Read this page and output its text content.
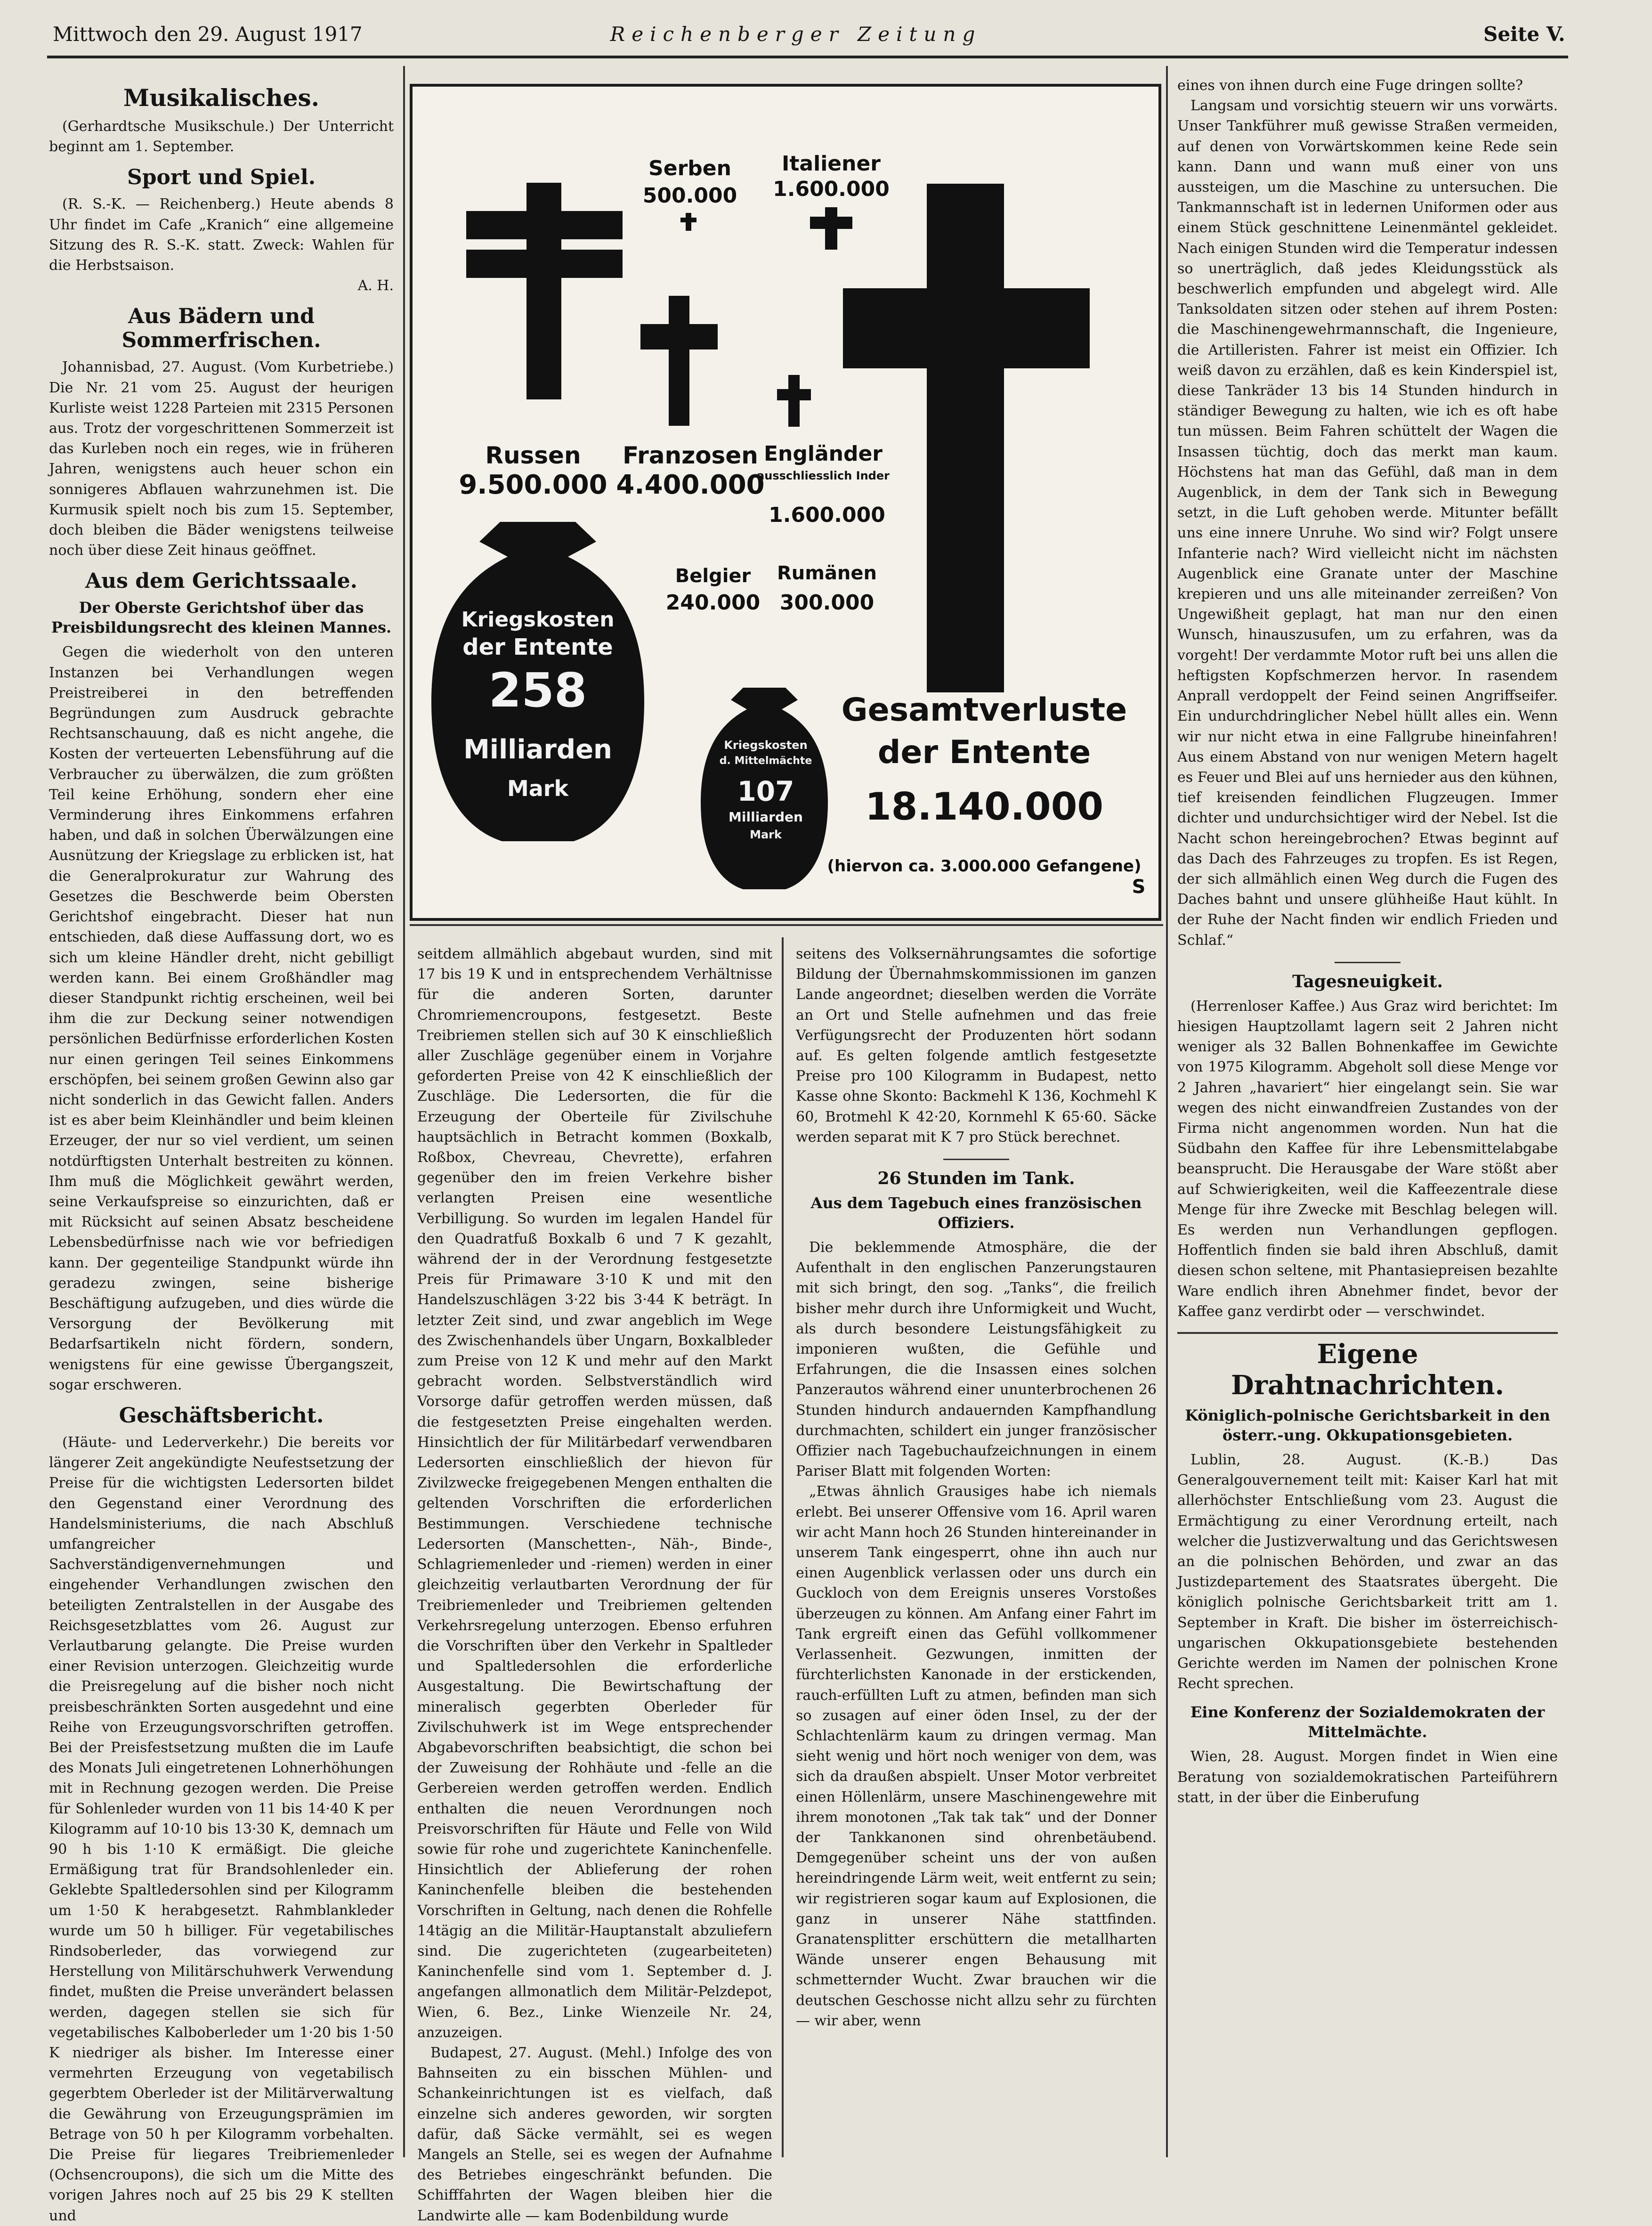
Mittwoch den 29. August 1917	Reichenberger Zeitung	Seite V.
Musikalisches.

(Gerhardtsche Musikschule.) Der Unterricht beginnt am 1. September.

Sport und Spiel.

(R. S.-K. — Reichenberg.) Heute abends 8 Uhr findet im Cafe „Kranich“ eine allgemeine Sitzung des R. S.-K. statt. Zweck: Wahlen für die Herbstsaison.

A. H.

Aus Bädern und Sommerfrischen.

Johannisbad, 27. August. (Vom Kurbetriebe.) Die Nr. 21 vom 25. August der heurigen Kurliste weist 1228 Parteien mit 2315 Personen aus. Trotz der vorgeschrittenen Sommerzeit ist das Kurleben noch ein reges, wie in früheren Jahren, wenigstens auch heuer schon ein sonnigeres Abflauen wahrzunehmen ist. Die Kurmusik spielt noch bis zum 15. September, doch bleiben die Bäder wenigstens teilweise noch über diese Zeit hinaus geöffnet.

Aus dem Gerichtssaale.
Der Oberste Gerichtshof über das Preisbildungsrecht des kleinen Mannes.

Gegen die wiederholt von den unteren Instanzen bei Verhandlungen wegen Preistreiberei in den betreffenden Begründungen zum Ausdruck gebrachte Rechtsanschauung, daß es nicht angehe, die Kosten der verteuerten Lebensführung auf die Verbraucher zu überwälzen, die zum größten Teil keine Erhöhung, sondern eher eine Verminderung ihres Einkommens erfahren haben, und daß in solchen Überwälzungen eine Ausnützung der Kriegslage zu erblicken ist, hat die Generalprokuratur zur Wahrung des Gesetzes die Beschwerde beim Obersten Gerichtshof eingebracht. Dieser hat nun entschieden, daß diese Auffassung dort, wo es sich um kleine Händler dreht, nicht gebilligt werden kann. Bei einem Großhändler mag dieser Standpunkt richtig erscheinen, weil bei ihm die zur Deckung seiner notwendigen persönlichen Bedürfnisse erforderlichen Kosten nur einen geringen Teil seines Einkommens erschöpfen, bei seinem großen Gewinn also gar nicht sonderlich in das Gewicht fallen. Anders ist es aber beim Kleinhändler und beim kleinen Erzeuger, der nur so viel verdient, um seinen notdürftigsten Unterhalt bestreiten zu können. Ihm muß die Möglichkeit gewährt werden, seine Verkaufspreise so einzurichten, daß er mit Rücksicht auf seinen Absatz bescheidene Lebensbedürfnisse nach wie vor befriedigen kann. Der gegenteilige Standpunkt würde ihn geradezu zwingen, seine bisherige Beschäftigung aufzugeben, und dies würde die Versorgung der Bevölkerung mit Bedarfsartikeln nicht fördern, sondern, wenigstens für eine gewisse Übergangszeit, sogar erschweren.

Geschäftsbericht.

(Häute- und Lederverkehr.) Die bereits vor längerer Zeit angekündigte Neufestsetzung der Preise für die wichtigsten Ledersorten bildet den Gegenstand einer Verordnung des Handelsministeriums, die nach Abschluß umfangreicher Sachverständigenvernehmungen und eingehender Verhandlungen zwischen den beteiligten Zentralstellen in der Ausgabe des Reichsgesetzblattes vom 26. August zur Verlautbarung gelangte. Die Preise wurden einer Revision unterzogen. Gleichzeitig wurde die Preisregelung auf die bisher noch nicht preisbeschränkten Sorten ausgedehnt und eine Reihe von Erzeugungsvorschriften getroffen. Bei der Preisfestsetzung mußten die im Laufe des Monats Juli eingetretenen Lohnerhöhungen mit in Rechnung gezogen werden. Die Preise für Sohlenleder wurden von 11 bis 14·40 K per Kilogramm auf 10·10 bis 13·30 K, demnach um 90 h bis 1·10 K ermäßigt. Die gleiche Ermäßigung trat für Brandsohlenleder ein. Geklebte Spaltledersohlen sind per Kilogramm um 1·50 K herabgesetzt. Rahmblankleder wurde um 50 h billiger. Für vegetabilisches Rindsoberleder, das vorwiegend zur Herstellung von Militärschuhwerk Verwendung findet, mußten die Preise unverändert belassen werden, dagegen stellen sie sich für vegetabilisches Kalboberleder um 1·20 bis 1·50 K niedriger als bisher. Im Interesse einer vermehrten Erzeugung von vegetabilisch gegerbtem Oberleder ist der Militärverwaltung die Gewährung von Erzeugungsprämien im Betrage von 50 h per Kilogramm vorbehalten. Die Preise für liegares Treibriemenleder (Ochsencroupons), die sich um die Mitte des vorigen Jahres noch auf 25 bis 29 K stellten und

Serben
500.000
Italiener
1.600.000
Russen
9.500.000
Franzosen
4.400.000
Engländer
ausschliesslich Inder
1.600.000
Belgier
240.000
Rumänen
300.000
Kriegskosten
der Entente
258
Milliarden
Mark
Kriegskosten
d. Mittelmächte
107
Milliarden
Mark
Gesamtverluste
der Entente
18.140.000
(hiervon ca. 3.000.000 Gefangene)
S

seitdem allmählich abgebaut wurden, sind mit 17 bis 19 K und in entsprechendem Verhältnisse für die anderen Sorten, darunter Chromriemencroupons, festgesetzt. Beste Treibriemen stellen sich auf 30 K einschließlich aller Zuschläge gegenüber einem in Vorjahre geforderten Preise von 42 K einschließlich der Zuschläge. Die Ledersorten, die für die Erzeugung der Oberteile für Zivilschuhe hauptsächlich in Betracht kommen (Boxkalb, Roßbox, Chevreau, Chevrette), erfahren gegenüber den im freien Verkehre bisher verlangten Preisen eine wesentliche Verbilligung. So wurden im legalen Handel für den Quadratfuß Boxkalb 6 und 7 K gezahlt, während der in der Verordnung festgesetzte Preis für Primaware 3·10 K und mit den Handelszuschlägen 3·22 bis 3·44 K beträgt. In letzter Zeit sind, und zwar angeblich im Wege des Zwischenhandels über Ungarn, Boxkalbleder zum Preise von 12 K und mehr auf den Markt gebracht worden. Selbstverständlich wird Vorsorge dafür getroffen werden müssen, daß die festgesetzten Preise eingehalten werden. Hinsichtlich der für Militärbedarf verwendbaren Ledersorten einschließlich der hievon für Zivilzwecke freigegebenen Mengen enthalten die geltenden Vorschriften die erforderlichen Bestimmungen. Verschiedene technische Ledersorten (Manschetten-, Näh-, Binde-, Schlagriemenleder und -riemen) werden in einer gleichzeitig verlautbarten Verordnung der für Treibriemenleder und Treibriemen geltenden Verkehrsregelung unterzogen. Ebenso erfuhren die Vorschriften über den Verkehr in Spaltleder und Spaltledersohlen die erforderliche Ausgestaltung. Die Bewirtschaftung der mineralisch gegerbten Oberleder für Zivilschuhwerk ist im Wege entsprechender Abgabevorschriften beabsichtigt, die schon bei der Zuweisung der Rohhäute und -felle an die Gerbereien werden getroffen werden. Endlich enthalten die neuen Verordnungen noch Preisvorschriften für Häute und Felle von Wild sowie für rohe und zugerichtete Kaninchenfelle. Hinsichtlich der Ablieferung der rohen Kaninchenfelle bleiben die bestehenden Vorschriften in Geltung, nach denen die Rohfelle 14tägig an die Militär-Hauptanstalt abzuliefern sind. Die zugerichteten (zugearbeiteten) Kaninchenfelle sind vom 1. September d. J. angefangen allmonatlich dem Militär-Pelzdepot, Wien, 6. Bez., Linke Wienzeile Nr. 24, anzuzeigen.

Budapest, 27. August. (Mehl.) Infolge des von Bahnseiten zu ein bisschen Mühlen- und Schankeinrichtungen ist es vielfach, daß einzelne sich anderes geworden, wir sorgten dafür, daß Säcke vermählt, sei es wegen Mangels an Stelle, sei es wegen der Aufnahme des Betriebes eingeschränkt befunden. Die Schifffahrten der Wagen bleiben hier die Landwirte alle — kam Bodenbildung wurde

seitens des Volksernährungsamtes die sofortige Bildung der Übernahmskommissionen im ganzen Lande angeordnet; dieselben werden die Vorräte an Ort und Stelle aufnehmen und das freie Verfügungsrecht der Produzenten hört sodann auf. Es gelten folgende amtlich festgesetzte Preise pro 100 Kilogramm in Budapest, netto Kasse ohne Skonto: Backmehl K 136, Kochmehl K 60, Brotmehl K 42·20, Kornmehl K 65·60. Säcke werden separat mit K 7 pro Stück berechnet.

26 Stunden im Tank.
Aus dem Tagebuch eines französischen Offiziers.

Die beklemmende Atmosphäre, die der Aufenthalt in den englischen Panzerungstauren mit sich bringt, den sog. „Tanks“, die freilich bisher mehr durch ihre Unformigkeit und Wucht, als durch besondere Leistungsfähigkeit zu imponieren wußten, die Gefühle und Erfahrungen, die die Insassen eines solchen Panzerautos während einer ununterbrochenen 26 Stunden hindurch andauernden Kampfhandlung durchmachten, schildert ein junger französischer Offizier nach Tagebuchaufzeichnungen in einem Pariser Blatt mit folgenden Worten:

„Etwas ähnlich Grausiges habe ich niemals erlebt. Bei unserer Offensive vom 16. April waren wir acht Mann hoch 26 Stunden hintereinander in unserem Tank eingesperrt, ohne ihn auch nur einen Augenblick verlassen oder uns durch ein Guckloch von dem Ereignis unseres Vorstoßes überzeugen zu können. Am Anfang einer Fahrt im Tank ergreift einen das Gefühl vollkommener Verlassenheit. Gezwungen, inmitten der fürchterlichsten Kanonade in der erstickenden, rauch-erfüllten Luft zu atmen, befinden man sich so zusagen auf einer öden Insel, zu der der Schlachtenlärm kaum zu dringen vermag. Man sieht wenig und hört noch weniger von dem, was sich da draußen abspielt. Unser Motor verbreitet einen Höllenlärm, unsere Maschinengewehre mit ihrem monotonen „Tak tak tak“ und der Donner der Tankkanonen sind ohrenbetäubend. Demgegenüber scheint uns der von außen hereindringende Lärm weit, weit entfernt zu sein; wir registrieren sogar kaum auf Explosionen, die ganz in unserer Nähe stattfinden. Granatensplitter erschüttern die metallharten Wände unserer engen Behausung mit schmetternder Wucht. Zwar brauchen wir die deutschen Geschosse nicht allzu sehr zu fürchten — wir aber, wenn

eines von ihnen durch eine Fuge dringen sollte?

Langsam und vorsichtig steuern wir uns vorwärts. Unser Tankführer muß gewisse Straßen vermeiden, auf denen von Vorwärtskommen keine Rede sein kann. Dann und wann muß einer von uns aussteigen, um die Maschine zu untersuchen. Die Tankmannschaft ist in ledernen Uniformen oder aus einem Stück geschnittene Leinenmäntel gekleidet. Nach einigen Stunden wird die Temperatur indessen so unerträglich, daß jedes Kleidungsstück als beschwerlich empfunden und abgelegt wird. Alle Tanksoldaten sitzen oder stehen auf ihrem Posten: die Maschinengewehrmannschaft, die Ingenieure, die Artilleristen. Fahrer ist meist ein Offizier. Ich weiß davon zu erzählen, daß es kein Kinderspiel ist, diese Tankräder 13 bis 14 Stunden hindurch in ständiger Bewegung zu halten, wie ich es oft habe tun müssen. Beim Fahren schüttelt der Wagen die Insassen tüchtig, doch das merkt man kaum. Höchstens hat man das Gefühl, daß man in dem Augenblick, in dem der Tank sich in Bewegung setzt, in die Luft gehoben werde. Mitunter befällt uns eine innere Unruhe. Wo sind wir? Folgt unsere Infanterie nach? Wird vielleicht nicht im nächsten Augenblick eine Granate unter der Maschine krepieren und uns alle miteinander zerreißen? Von Ungewißheit geplagt, hat man nur den einen Wunsch, hinauszusufen, um zu erfahren, was da vorgeht! Der verdammte Motor ruft bei uns allen die heftigsten Kopfschmerzen hervor. In rasendem Anprall verdoppelt der Feind seinen Angriffseifer. Ein undurchdringlicher Nebel hüllt alles ein. Wenn wir nur nicht etwa in eine Fallgrube hineinfahren! Aus einem Abstand von nur wenigen Metern hagelt es Feuer und Blei auf uns hernieder aus den kühnen, tief kreisenden feindlichen Flugzeugen. Immer dichter und undurchsichtiger wird der Nebel. Ist die Nacht schon hereingebrochen? Etwas beginnt auf das Dach des Fahrzeuges zu tropfen. Es ist Regen, der sich allmählich einen Weg durch die Fugen des Daches bahnt und unsere glühheiße Haut kühlt. In der Ruhe der Nacht finden wir endlich Frieden und Schlaf.“

Tagesneuigkeit.

(Herrenloser Kaffee.) Aus Graz wird berichtet: Im hiesigen Hauptzollamt lagern seit 2 Jahren nicht weniger als 32 Ballen Bohnenkaffee im Gewichte von 1975 Kilogramm. Abgeholt soll diese Menge vor 2 Jahren „havariert“ hier eingelangt sein. Sie war wegen des nicht einwandfreien Zustandes von der Firma nicht angenommen worden. Nun hat die Südbahn den Kaffee für ihre Lebensmittelabgabe beansprucht. Die Herausgabe der Ware stößt aber auf Schwierigkeiten, weil die Kaffeezentrale diese Menge für ihre Zwecke mit Beschlag belegen will. Es werden nun Verhandlungen gepflogen. Hoffentlich finden sie bald ihren Abschluß, damit diesen schon seltene, mit Phantasiepreisen bezahlte Ware endlich ihren Abnehmer findet, bevor der Kaffee ganz verdirbt oder — verschwindet.

Eigene Drahtnachrichten.
Königlich-polnische Gerichtsbarkeit in den österr.-ung. Okkupationsgebieten.

Lublin, 28. August. (K.-B.) Das Generalgouvernement teilt mit: Kaiser Karl hat mit allerhöchster Entschließung vom 23. August die Ermächtigung zu einer Verordnung erteilt, nach welcher die Justizverwaltung und das Gerichtswesen an die polnischen Behörden, und zwar an das Justizdepartement des Staatsrates übergeht. Die königlich polnische Gerichtsbarkeit tritt am 1. September in Kraft. Die bisher im österreichisch-ungarischen Okkupationsgebiete bestehenden Gerichte werden im Namen der polnischen Krone Recht sprechen.

Eine Konferenz der Sozialdemokraten der Mittelmächte.

Wien, 28. August. Morgen findet in Wien eine Beratung von sozialdemokratischen Parteiführern statt, in der über die Einberufung
